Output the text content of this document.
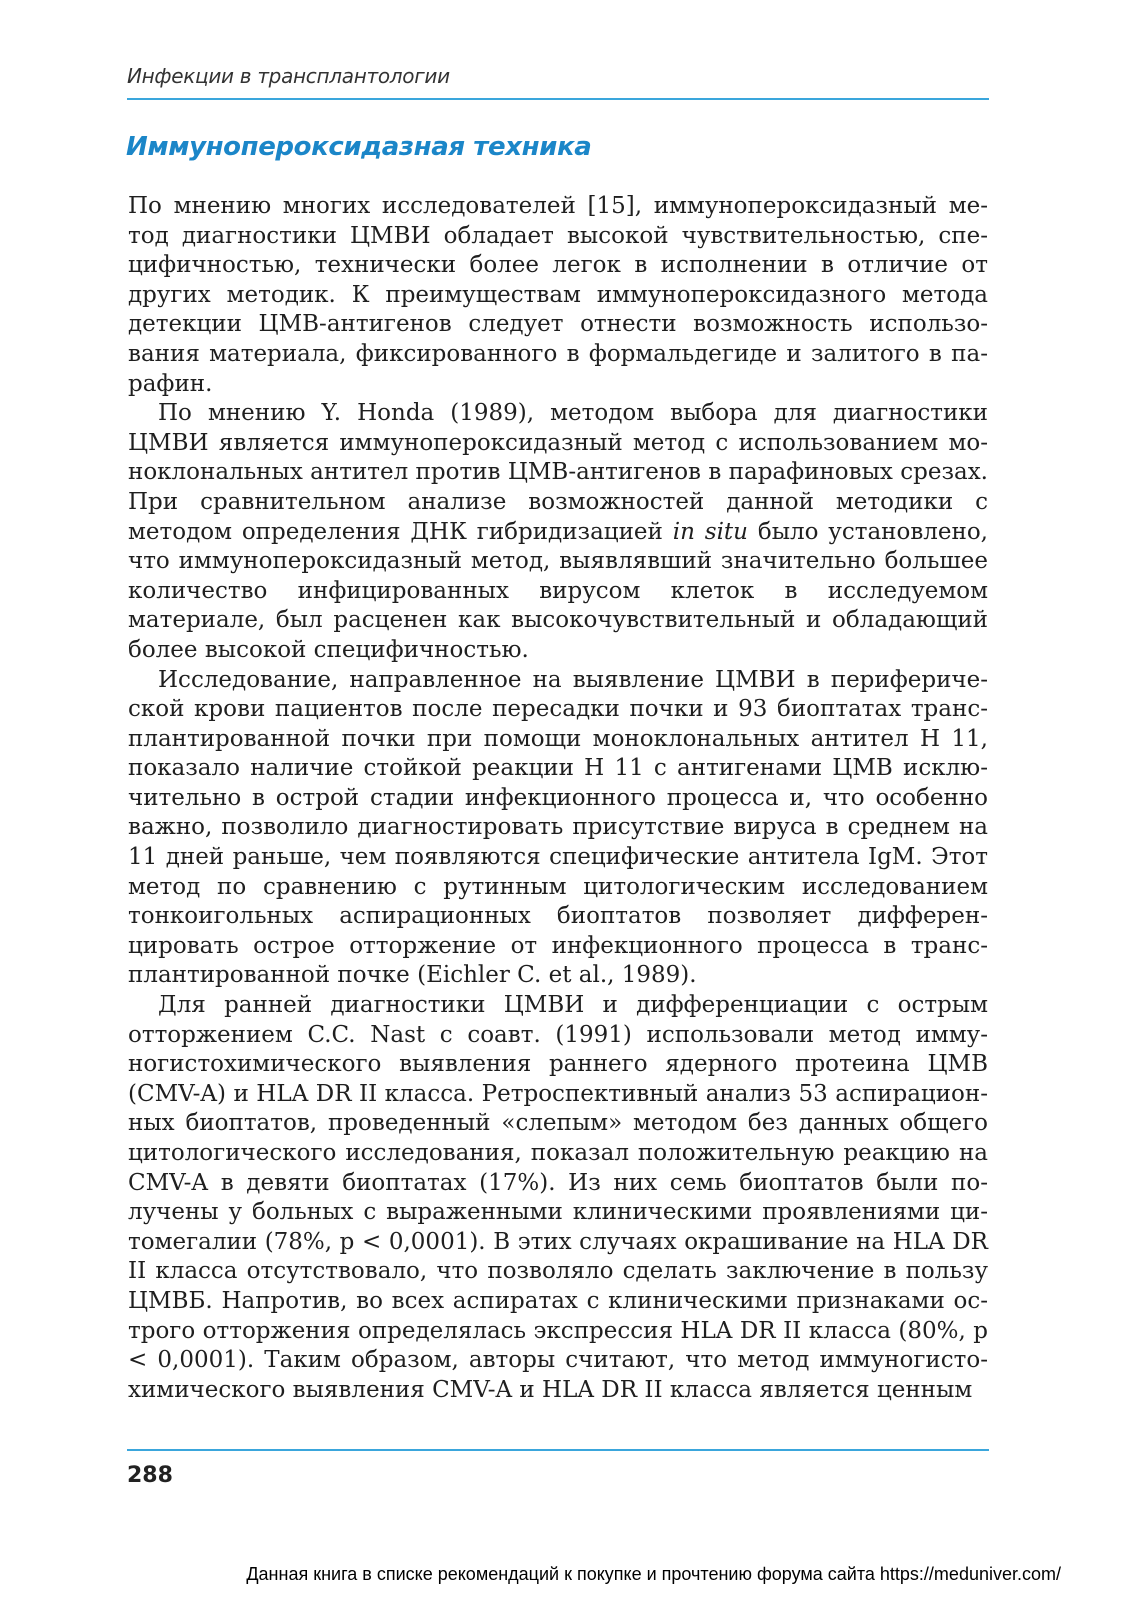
Инфекции в трансплантологии
Иммунопероксидазная техника

По мнению многих исследователей [15], иммунопероксидазный метод диагностики ЦМВИ обладает высокой чувствительностью, специфичностью, технически более легок в исполнении в отличие от других методик. К преимуществам иммунопероксидазного метода детекции ЦМВ-антигенов следует отнести возможность использования материала, фиксированного в формальдегиде и залитого в парафин.

По мнению Y. Honda (1989), методом выбора для диагностики ЦМВИ является иммунопероксидазный метод с использованием моноклональных антител против ЦМВ-антигенов в парафиновых срезах. При сравнительном анализе возможностей данной методики с методом определения ДНК гибридизацией in situ было установлено, что иммунопероксидазный метод, выявлявший значительно большее количество инфицированных вирусом клеток в исследуемом материале, был расценен как высокочувствительный и обладающий более высокой специфичностью.

Исследование, направленное на выявление ЦМВИ в периферической крови пациентов после пересадки почки и 93 биоптатах трансплантированной почки при помощи моноклональных антител Н 11, показало наличие стойкой реакции Н 11 с антигенами ЦМВ исключительно в острой стадии инфекционного процесса и, что особенно важно, позволило диагностировать присутствие вируса в среднем на 11 дней раньше, чем появляются специфические антитела IgM. Этот метод по сравнению с рутинным цитологическим исследованием тонкоигольных аспирационных биоптатов позволяет дифференцировать острое отторжение от инфекционного процесса в трансплантированной почке (Eichler C. et al., 1989).

Для ранней диагностики ЦМВИ и дифференциации с острым отторжением C.C. Nast с соавт. (1991) использовали метод иммуногистохимического выявления раннего ядерного протеина ЦМВ (CMV-A) и HLA DR II класса. Ретроспективный анализ 53 аспирационных биоптатов, проведенный «слепым» методом без данных общего цитологического исследования, показал положительную реакцию на CMV-A в девяти биоптатах (17%). Из них семь биоптатов были получены у больных с выраженными клиническими проявлениями цитомегалии (78%, р < 0,0001). В этих случаях окрашивание на HLA DR II класса отсутствовало, что позволяло сделать заключение в пользу ЦМВБ. Напротив, во всех аспиратах с клиническими признаками острого отторжения определялась экспрессия HLA DR II класса (80%, р < 0,0001). Таким образом, авторы считают, что метод иммуногистохимического выявления CMV-A и HLA DR II класса является ценным

288
Данная книга в списке рекомендаций к покупке и прочтению форума сайта https://meduniver.com/
